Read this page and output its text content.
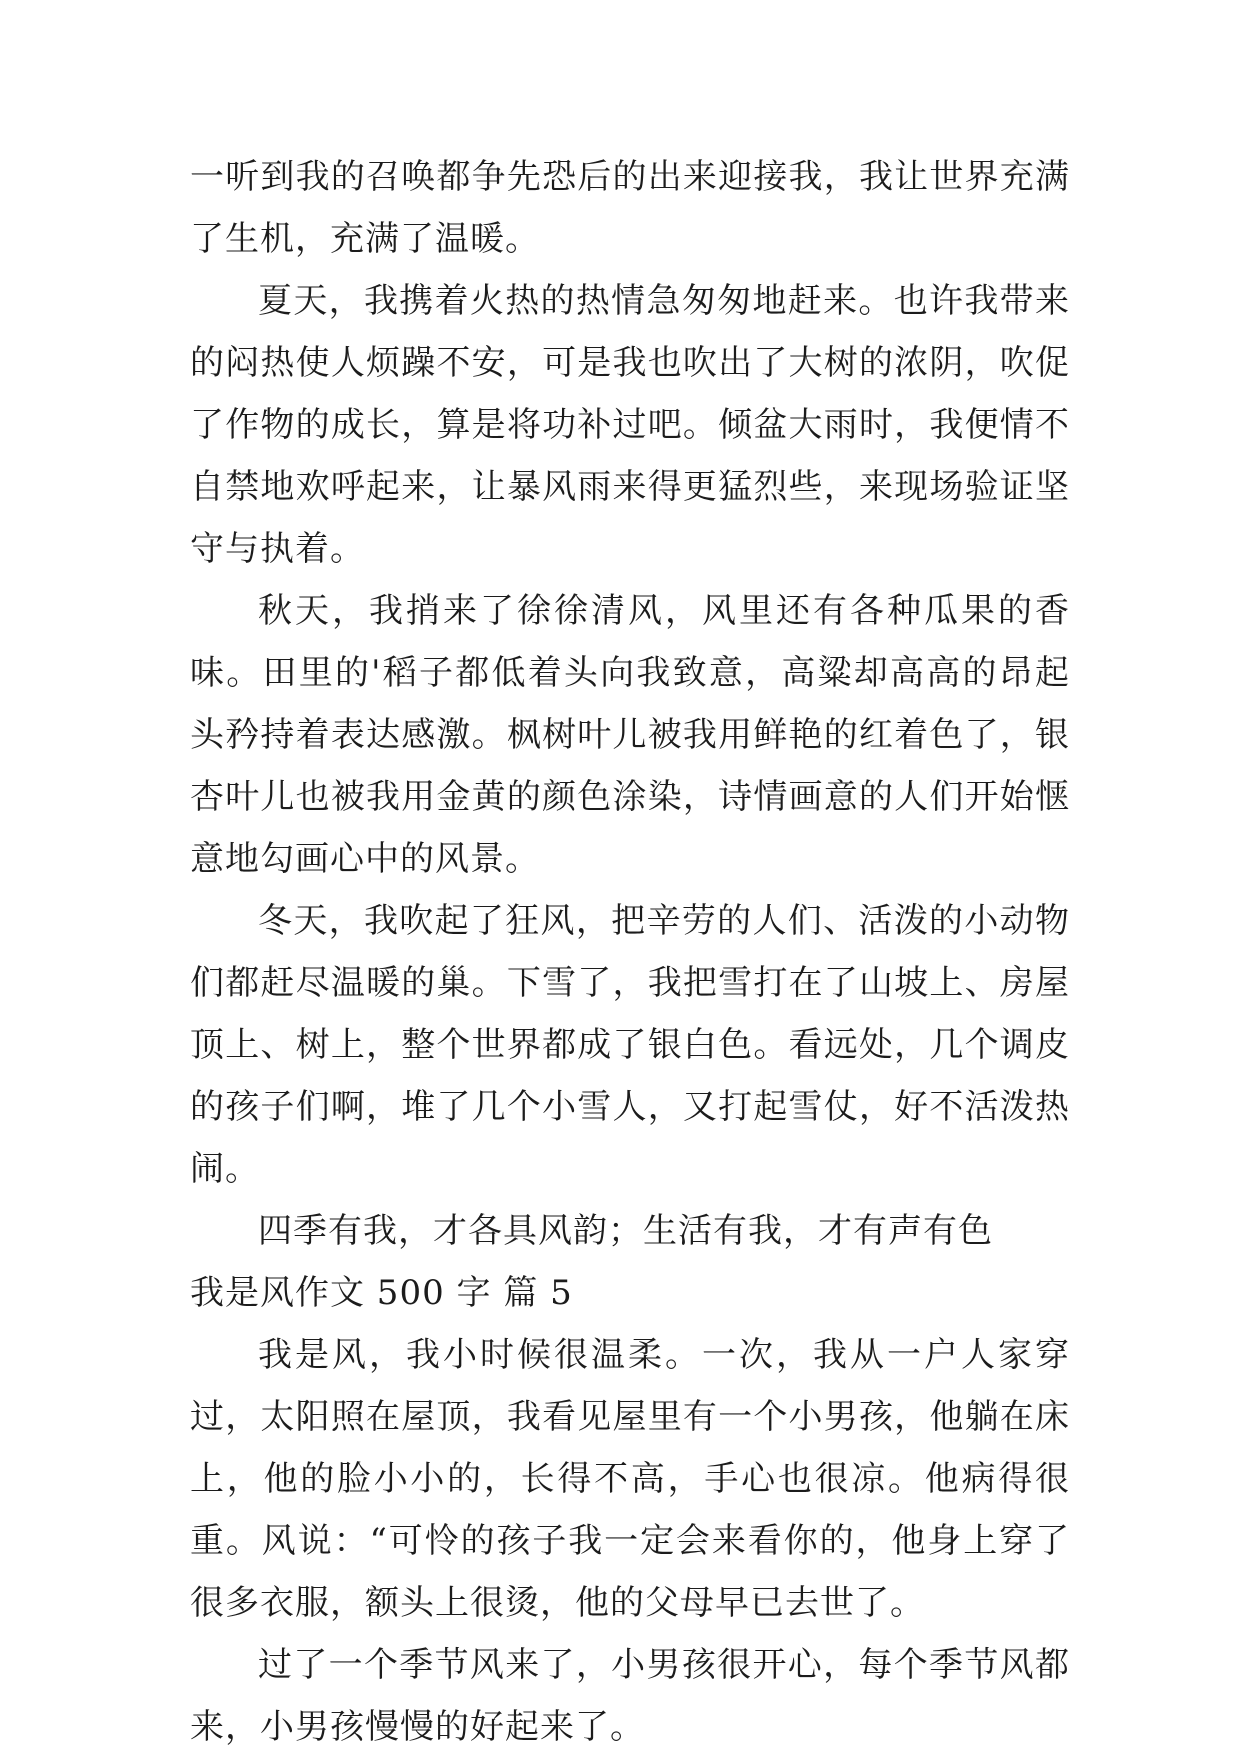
一听到我的召唤都争先恐后的出来迎接我，我让世界充满了生机，充满了温暖。

夏天，我携着火热的热情急匆匆地赶来。也许我带来的闷热使人烦躁不安，可是我也吹出了大树的浓阴，吹促了作物的成长，算是将功补过吧。倾盆大雨时，我便情不自禁地欢呼起来，让暴风雨来得更猛烈些，来现场验证坚守与执着。

秋天，我捎来了徐徐清风，风里还有各种瓜果的香味。田里的'稻子都低着头向我致意，高粱却高高的昂起头矜持着表达感激。枫树叶儿被我用鲜艳的红着色了，银杏叶儿也被我用金黄的颜色涂染，诗情画意的人们开始惬意地勾画心中的风景。

冬天，我吹起了狂风，把辛劳的人们、活泼的小动物们都赶尽温暖的巢。下雪了，我把雪打在了山坡上、房屋顶上、树上，整个世界都成了银白色。看远处，几个调皮的孩子们啊，堆了几个小雪人，又打起雪仗，好不活泼热闹。

四季有我，才各具风韵；生活有我，才有声有色

我是风作文 500 字 篇 5

我是风，我小时候很温柔。一次，我从一户人家穿过，太阳照在屋顶，我看见屋里有一个小男孩，他躺在床上，他的脸小小的，长得不高，手心也很凉。他病得很重。风说：“可怜的孩子我一定会来看你的，他身上穿了很多衣服，额头上很烫，他的父母早已去世了。

过了一个季节风来了，小男孩很开心，每个季节风都来，小男孩慢慢的好起来了。
